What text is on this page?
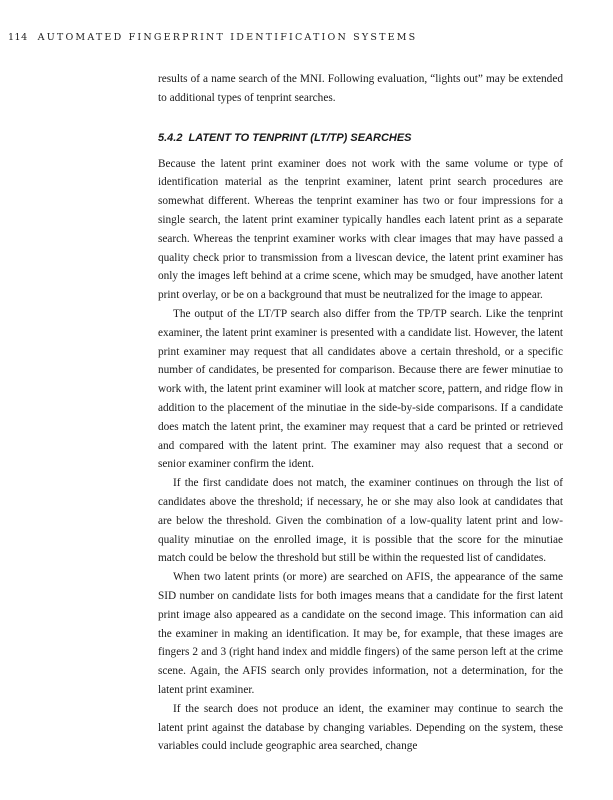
114 AUTOMATED FINGERPRINT IDENTIFICATION SYSTEMS

results of a name search of the MNI. Following evaluation, “lights out” may be extended to additional types of tenprint searches.

5.4.2 LATENT TO TENPRINT (LT/TP) SEARCHES

Because the latent print examiner does not work with the same volume or type of identification material as the tenprint examiner, latent print search procedures are somewhat different. Whereas the tenprint examiner has two or four impressions for a single search, the latent print examiner typically handles each latent print as a separate search. Whereas the tenprint examiner works with clear images that may have passed a quality check prior to transmission from a livescan device, the latent print examiner has only the images left behind at a crime scene, which may be smudged, have another latent print overlay, or be on a background that must be neutralized for the image to appear.

The output of the LT/TP search also differ from the TP/TP search. Like the tenprint examiner, the latent print examiner is presented with a candidate list. However, the latent print examiner may request that all candidates above a certain threshold, or a specific number of candidates, be presented for comparison. Because there are fewer minutiae to work with, the latent print examiner will look at matcher score, pattern, and ridge flow in addition to the placement of the minutiae in the side-by-side comparisons. If a candidate does match the latent print, the examiner may request that a card be printed or retrieved and compared with the latent print. The examiner may also request that a second or senior examiner confirm the ident.

If the first candidate does not match, the examiner continues on through the list of candidates above the threshold; if necessary, he or she may also look at candidates that are below the threshold. Given the combination of a low-quality latent print and low-quality minutiae on the enrolled image, it is possible that the score for the minutiae match could be below the threshold but still be within the requested list of candidates.

When two latent prints (or more) are searched on AFIS, the appearance of the same SID number on candidate lists for both images means that a candidate for the first latent print image also appeared as a candidate on the second image. This information can aid the examiner in making an identification. It may be, for example, that these images are fingers 2 and 3 (right hand index and middle fingers) of the same person left at the crime scene. Again, the AFIS search only provides information, not a determination, for the latent print examiner.

If the search does not produce an ident, the examiner may continue to search the latent print against the database by changing variables. Depending on the system, these variables could include geographic area searched, change
